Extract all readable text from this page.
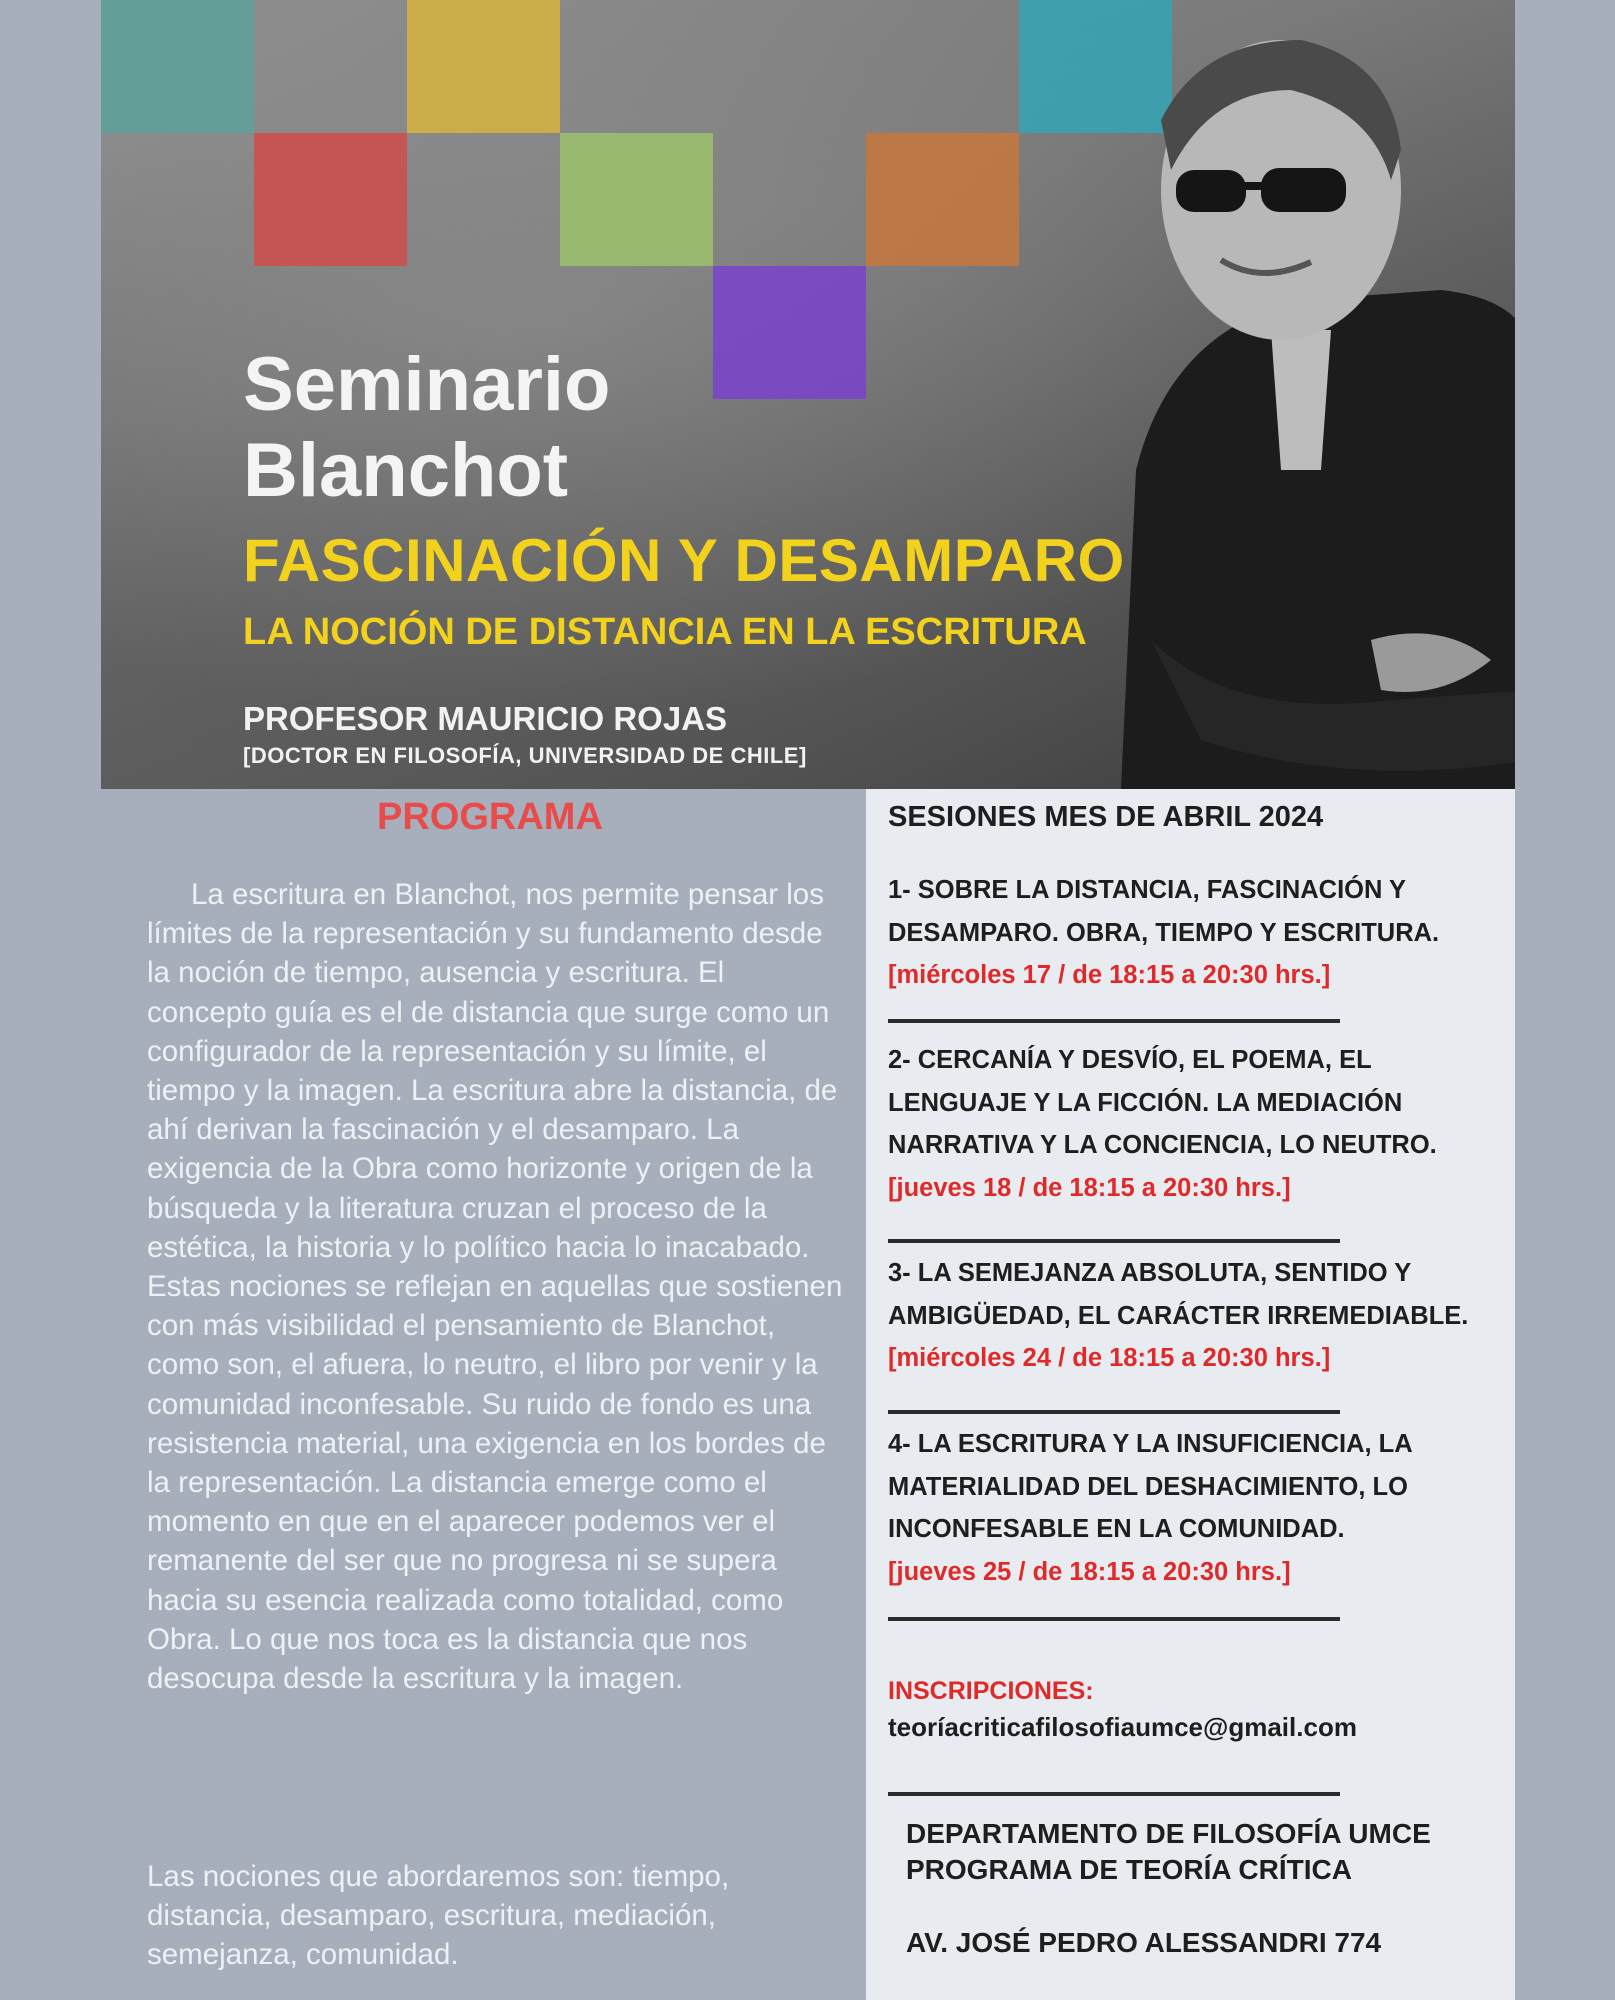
Seminario
Blanchot
FASCINACIÓN Y DESAMPARO
LA NOCIÓN DE DISTANCIA EN LA ESCRITURA

PROFESOR MAURICIO ROJAS

[DOCTOR EN FILOSOFÍA, UNIVERSIDAD DE CHILE]

PROGRAMA

La escritura en Blanchot, nos permite pensar los límites de la representación y su fundamento desde la noción de tiempo, ausencia y escritura. El concepto guía es el de distancia que surge como un configurador de la representación y su límite, el tiempo y la imagen. La escritura abre la distancia, de ahí derivan la fascinación y el desamparo. La exigencia de la Obra como horizonte y origen de la búsqueda y la literatura cruzan el proceso de la estética, la historia y lo político hacia lo inacabado. Estas nociones se reflejan en aquellas que sostienen con más visibilidad el pensamiento de Blanchot, como son, el afuera, lo neutro, el libro por venir y la comunidad inconfesable. Su ruido de fondo es una resistencia material, una exigencia en los bordes de la representación. La distancia emerge como el momento en que en el aparecer podemos ver el remanente del ser que no progresa ni se supera hacia su esencia realizada como totalidad, como Obra. Lo que nos toca es la distancia que nos desocupa desde la escritura y la imagen.

Las nociones que abordaremos son: tiempo, distancia, desamparo, escritura, mediación, semejanza, comunidad.

SESIONES MES DE ABRIL 2024

1- SOBRE LA DISTANCIA, FASCINACIÓN Y

DESAMPARO. OBRA, TIEMPO Y ESCRITURA.

[miércoles 17 / de 18:15 a 20:30 hrs.]

2- CERCANÍA Y DESVÍO, EL POEMA, EL

LENGUAJE Y LA FICCIÓN. LA MEDIACIÓN

NARRATIVA Y LA CONCIENCIA, LO NEUTRO.

[jueves 18 / de 18:15 a 20:30 hrs.]

3- LA SEMEJANZA ABSOLUTA, SENTIDO Y

AMBIGÜEDAD, EL CARÁCTER IRREMEDIABLE.

[miércoles 24 / de 18:15 a 20:30 hrs.]

4- LA ESCRITURA Y LA INSUFICIENCIA, LA

MATERIALIDAD DEL DESHACIMIENTO, LO

INCONFESABLE EN LA COMUNIDAD.

[jueves 25 / de 18:15 a 20:30 hrs.]

INSCRIPCIONES:

teoríacriticafilosofiaumce@gmail.com

DEPARTAMENTO DE FILOSOFÍA UMCE
PROGRAMA DE TEORÍA CRÍTICA

AV. JOSÉ PEDRO ALESSANDRI 774
